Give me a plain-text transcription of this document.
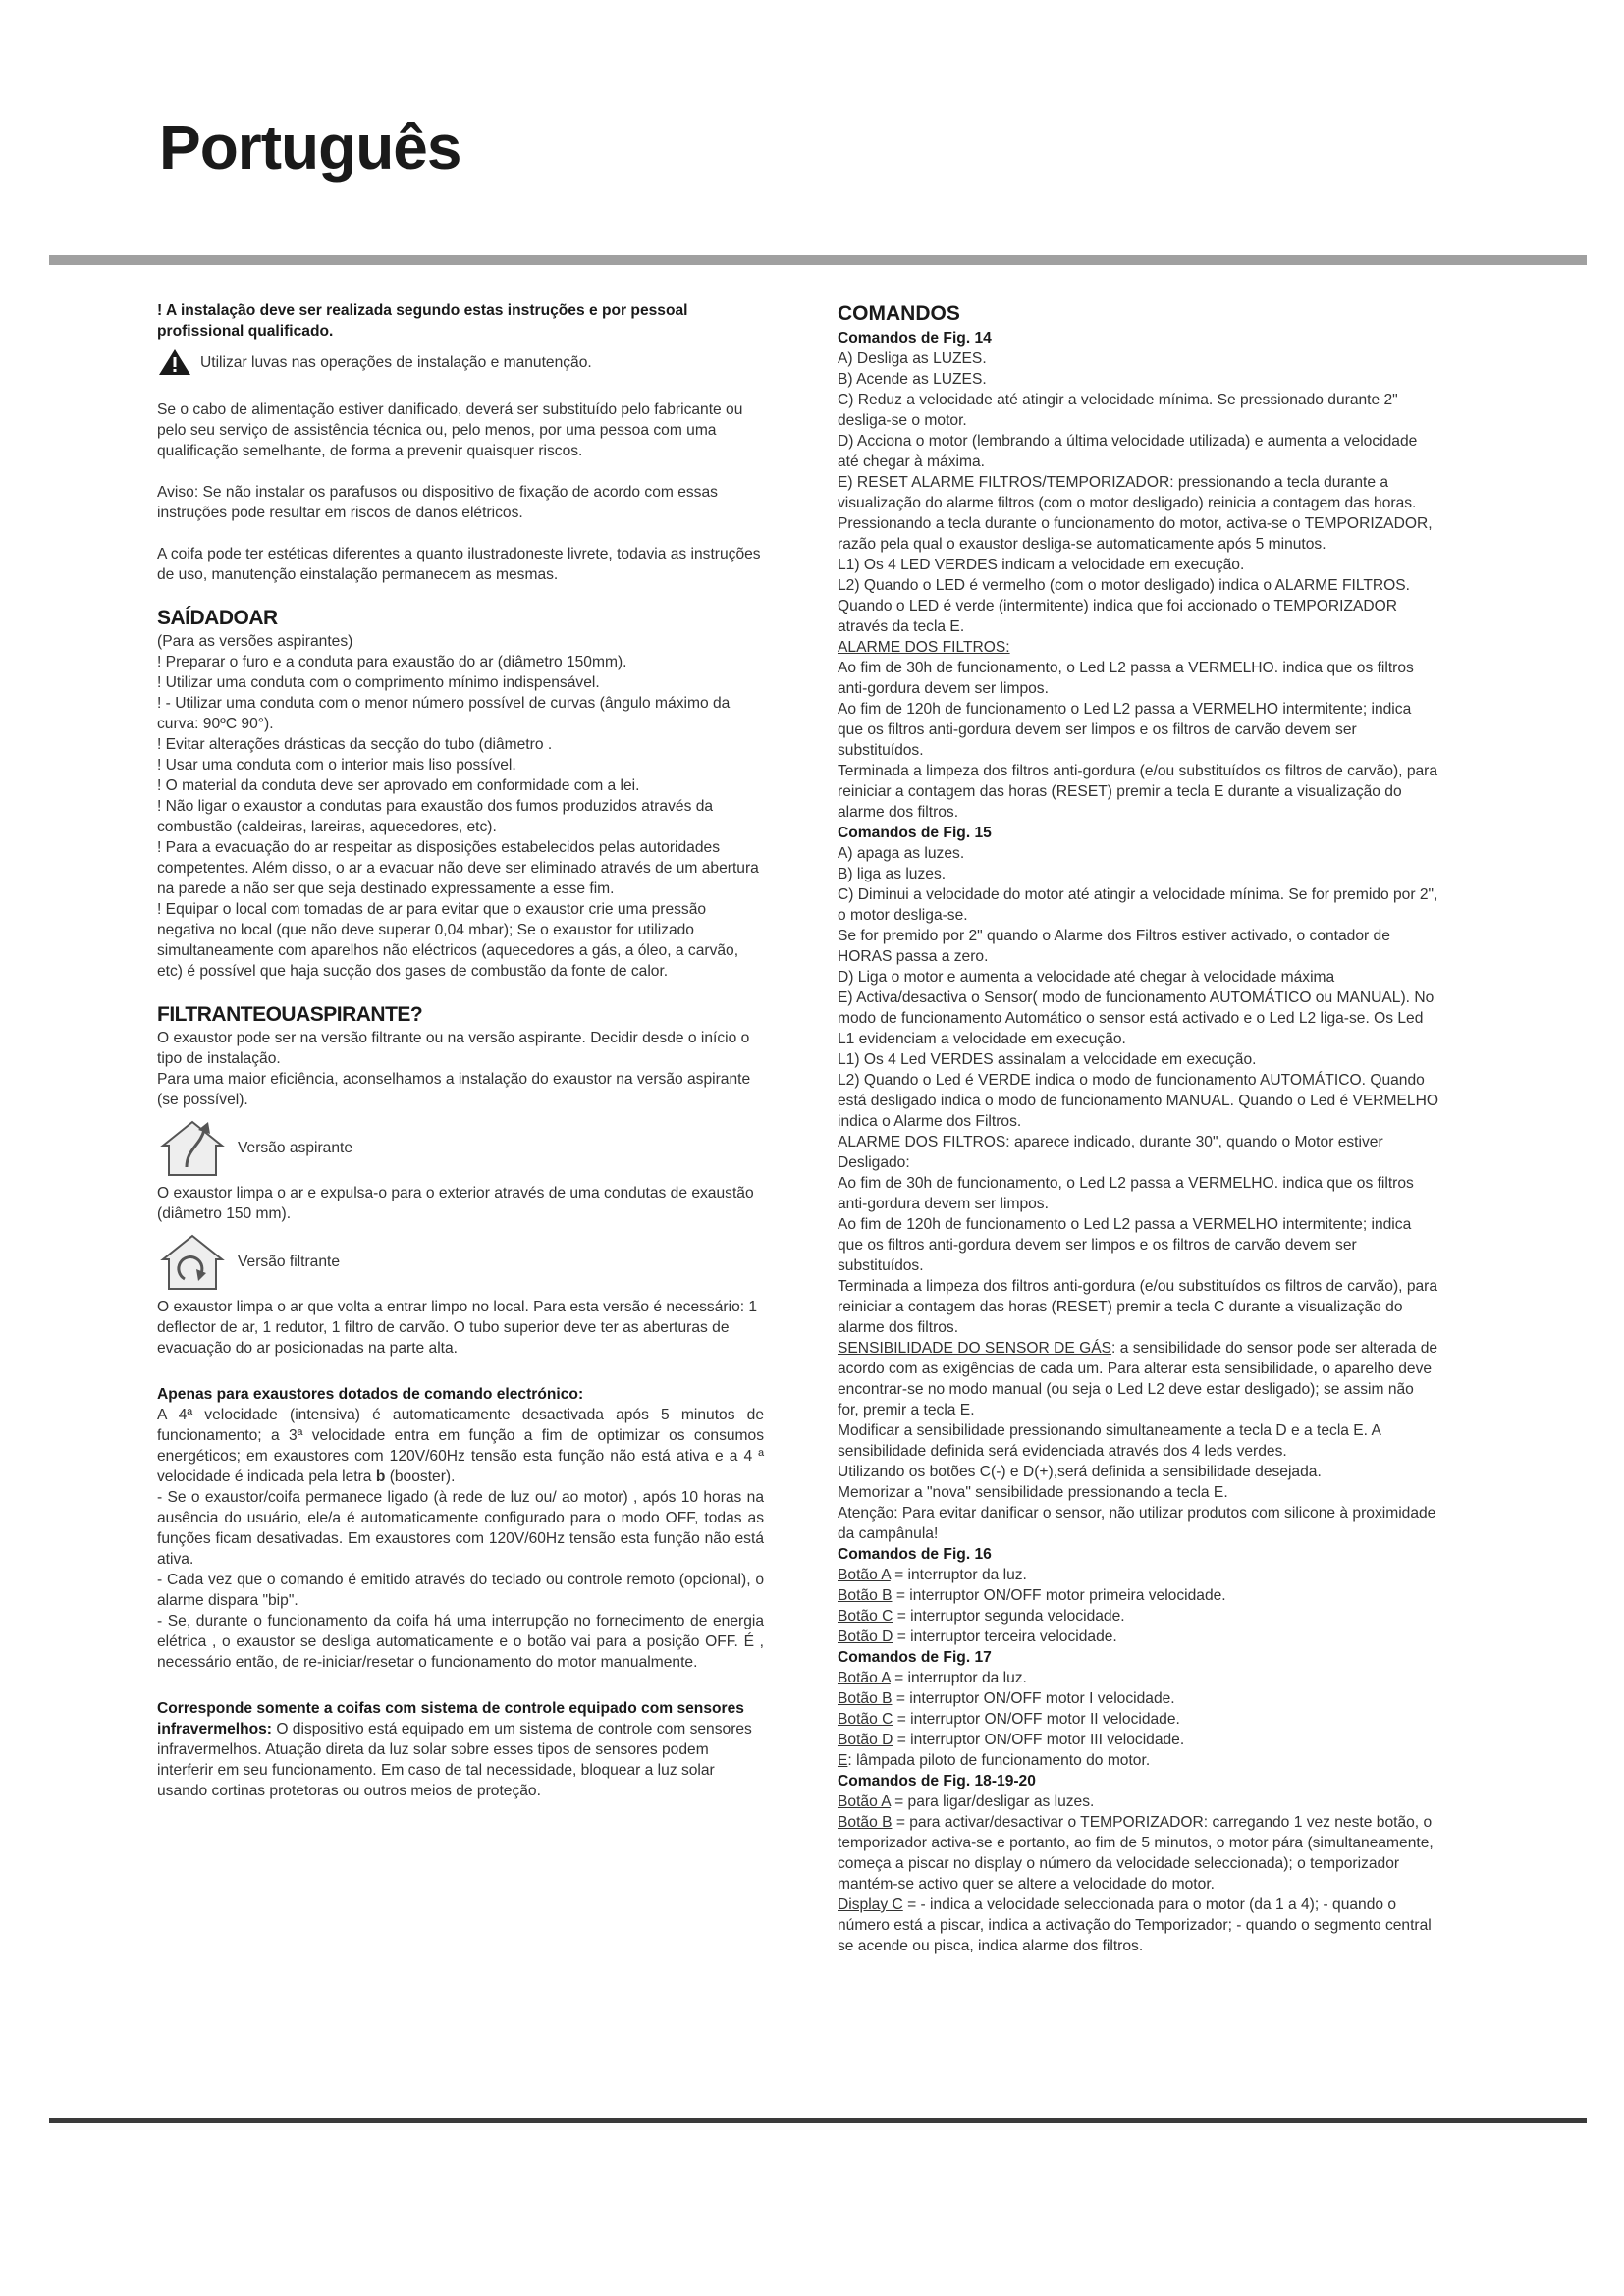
Português

! A instalação deve ser realizada segundo estas instruções e por pessoal profissional qualificado.

Utilizar luvas nas operações de instalação e manutenção.

Se o cabo de alimentação estiver danificado, deverá ser substituído pelo fabricante ou pelo seu serviço de assistência técnica ou, pelo menos, por uma pessoa com uma qualificação semelhante, de forma a prevenir quaisquer riscos.

Aviso: Se não instalar os parafusos ou dispositivo de fixação de acordo com essas instruções pode resultar em riscos de danos elétricos.

A coifa pode ter estéticas diferentes a quanto ilustradoneste livrete, todavia as instruções de uso, manutenção einstalação permanecem as mesmas.

SAÍDADOAR

(Para as versões aspirantes)

! Preparar o furo e a conduta para exaustão do ar (diâmetro 150mm).

! Utilizar uma conduta com o comprimento mínimo indispensável.

! - Utilizar uma conduta com o menor número possível de curvas (ângulo máximo da curva: 90ºC 90°).

! Evitar alterações drásticas da secção do tubo (diâmetro .

! Usar uma conduta com o interior mais liso possível.

! O material da conduta deve ser aprovado em conformidade com a lei.

! Não ligar o exaustor a condutas para exaustão dos fumos produzidos através da combustão (caldeiras, lareiras, aquecedores, etc).

! Para a evacuação do ar respeitar as disposições estabelecidos pelas autoridades competentes. Além disso, o ar a evacuar não deve ser eliminado através de um abertura na parede a não ser que seja destinado expressamente a esse fim.

! Equipar o local com tomadas de ar para evitar que o exaustor crie uma pressão negativa no local (que não deve superar 0,04 mbar); Se o exaustor for utilizado simultaneamente com aparelhos não eléctricos (aquecedores a gás, a óleo, a carvão, etc) é possível que haja sucção dos gases de combustão da fonte de calor.

FILTRANTEOUASPIRANTE?

O exaustor pode ser na versão filtrante ou na versão aspirante. Decidir desde o início o tipo de instalação.

Para uma maior eficiência, aconselhamos a instalação do exaustor na versão aspirante (se possível).

Versão aspirante

O exaustor limpa o ar e expulsa-o para o exterior através de uma condutas de exaustão (diâmetro 150 mm).

Versão filtrante

O exaustor limpa o ar que volta a entrar limpo no local. Para esta versão é necessário: 1 deflector de ar, 1 redutor, 1 filtro de carvão. O tubo superior deve ter as aberturas de evacuação do ar posicionadas na parte alta.

Apenas para exaustores dotados de comando electrónico:

A 4ª velocidade (intensiva) é automaticamente desactivada após 5 minutos de funcionamento; a 3ª velocidade entra em função a fim de optimizar os consumos energéticos; em exaustores com 120V/60Hz tensão esta função não está ativa e a 4 ª velocidade é indicada pela letra b (booster).

- Se o exaustor/coifa permanece ligado (à rede de luz ou/ ao motor) , após 10 horas na ausência do usuário, ele/a é automaticamente configurado para o modo OFF, todas as funções ficam desativadas. Em exaustores com 120V/60Hz tensão esta função não está ativa.

- Cada vez que o comando é emitido através do teclado ou controle remoto (opcional), o alarme dispara "bip".

- Se, durante o funcionamento da coifa há uma interrupção no fornecimento de energia elétrica , o exaustor se desliga automaticamente e o botão vai para a posição OFF. É , necessário então, de re-iniciar/resetar o funcionamento do motor manualmente.

Corresponde somente a coifas com sistema de controle equipado com sensores infravermelhos: O dispositivo está equipado em um sistema de controle com sensores infravermelhos. Atuação direta da luz solar sobre esses tipos de sensores podem interferir em seu funcionamento. Em caso de tal necessidade, bloquear a luz solar usando cortinas protetoras ou outros meios de proteção.

COMANDOS

Comandos de Fig. 14

A) Desliga as LUZES.

B) Acende as LUZES.

C) Reduz a velocidade até atingir a velocidade mínima. Se pressionado durante 2" desliga-se o motor.

D) Acciona o motor (lembrando a última velocidade utilizada) e aumenta a velocidade até chegar à máxima.

E) RESET ALARME FILTROS/TEMPORIZADOR: pressionando a tecla durante a visualização do alarme filtros (com o motor desligado) reinicia a contagem das horas. Pressionando a tecla durante o funcionamento do motor, activa-se o TEMPORIZADOR, razão pela qual o exaustor desliga-se automaticamente após 5 minutos.

L1) Os 4 LED VERDES indicam a velocidade em execução.

L2) Quando o LED é vermelho (com o motor desligado) indica o ALARME FILTROS. Quando o LED é verde (intermitente) indica que foi accionado o TEMPORIZADOR através da tecla E.

ALARME DOS FILTROS:

Ao fim de 30h de funcionamento, o Led L2 passa a VERMELHO. indica que os filtros anti-gordura devem ser limpos.

Ao fim de 120h de funcionamento o Led L2 passa a VERMELHO intermitente; indica que os filtros anti-gordura devem ser limpos e os filtros de carvão devem ser substituídos.

Terminada a limpeza dos filtros anti-gordura (e/ou substituídos os filtros de carvão), para reiniciar a contagem das horas (RESET) premir a tecla E durante a visualização do alarme dos filtros.

Comandos de Fig. 15

A) apaga as luzes.

B) liga as luzes.

C) Diminui a velocidade do motor até atingir a velocidade mínima. Se for premido por 2", o motor desliga-se.

Se for premido por 2" quando o Alarme dos Filtros estiver activado, o contador de HORAS passa a zero.

D) Liga o motor e aumenta a velocidade até chegar à velocidade máxima

E) Activa/desactiva o Sensor( modo de funcionamento AUTOMÁTICO ou MANUAL). No modo de funcionamento Automático o sensor está activado e o Led L2 liga-se. Os Led L1 evidenciam a velocidade em execução.

L1) Os 4 Led VERDES assinalam a velocidade em execução.

L2) Quando o Led é VERDE indica o modo de funcionamento AUTOMÁTICO. Quando está desligado indica o modo de funcionamento MANUAL. Quando o Led é VERMELHO indica o Alarme dos Filtros.

ALARME DOS FILTROS: aparece indicado, durante 30", quando o Motor estiver Desligado:

Ao fim de 30h de funcionamento, o Led L2 passa a VERMELHO. indica que os filtros anti-gordura devem ser limpos.

Ao fim de 120h de funcionamento o Led L2 passa a VERMELHO intermitente; indica que os filtros anti-gordura devem ser limpos e os filtros de carvão devem ser substituídos.

Terminada a limpeza dos filtros anti-gordura (e/ou substituídos os filtros de carvão), para reiniciar a contagem das horas (RESET) premir a tecla C durante a visualização do alarme dos filtros.

SENSIBILIDADE DO SENSOR DE GÁS: a sensibilidade do sensor pode ser alterada de acordo com as exigências de cada um. Para alterar esta sensibilidade, o aparelho deve encontrar-se no modo manual (ou seja o Led L2 deve estar desligado); se assim não for, premir a tecla E.

Modificar a sensibilidade pressionando simultaneamente a tecla D e a tecla E. A sensibilidade definida será evidenciada através dos 4 leds verdes.

Utilizando os botões C(-) e D(+),será definida a sensibilidade desejada.

Memorizar a "nova" sensibilidade pressionando a tecla E.

Atenção: Para evitar danificar o sensor, não utilizar produtos com silicone à proximidade da campânula!

Comandos de Fig. 16

Botão A = interruptor da luz.

Botão B = interruptor ON/OFF motor primeira velocidade.

Botão C = interruptor segunda velocidade.

Botão D = interruptor terceira velocidade.

Comandos de Fig. 17

Botão A = interruptor da luz.

Botão B = interruptor ON/OFF motor I velocidade.

Botão C = interruptor ON/OFF motor II velocidade.

Botão D = interruptor ON/OFF motor III velocidade.

E: lâmpada piloto de funcionamento do motor.

Comandos de Fig. 18-19-20

Botão A = para ligar/desligar as luzes.

Botão B = para activar/desactivar o TEMPORIZADOR: carregando 1 vez neste botão, o temporizador activa-se e portanto, ao fim de 5 minutos, o motor pára (simultaneamente, começa a piscar no display o número da velocidade seleccionada); o temporizador mantém-se activo quer se altere a velocidade do motor.

Display C = - indica a velocidade seleccionada para o motor (da 1 a 4); - quando o número está a piscar, indica a activação do Temporizador; - quando o segmento central se acende ou pisca, indica alarme dos filtros.
